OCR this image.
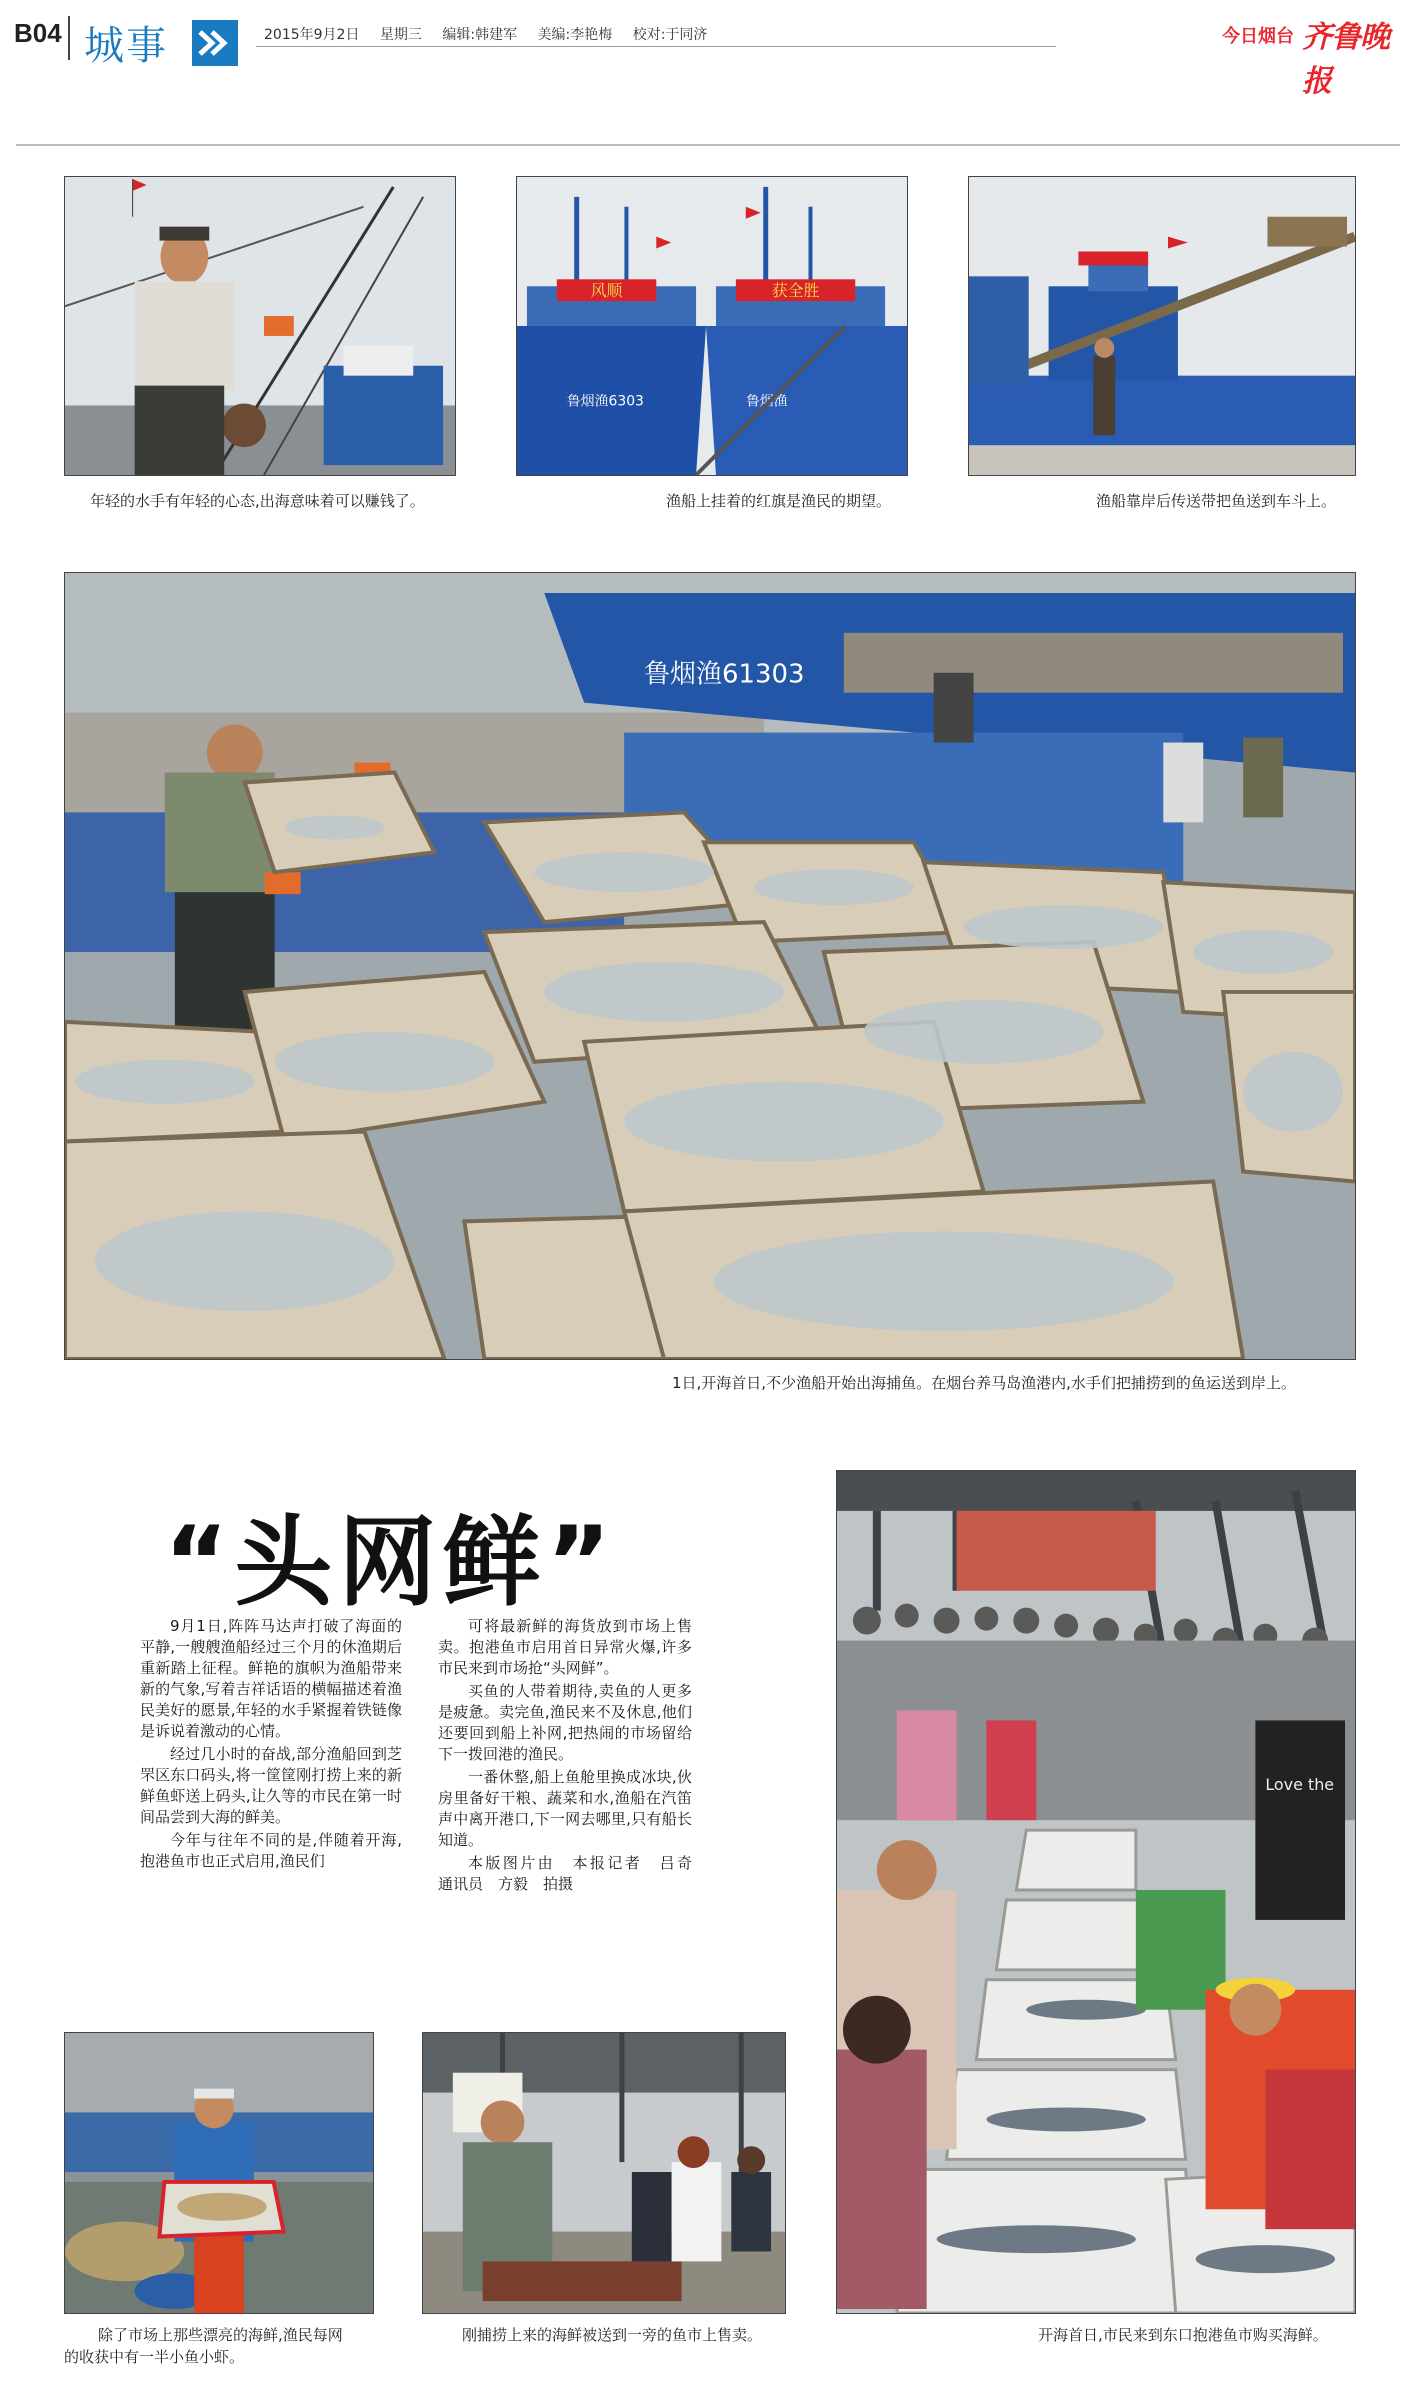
B04 城事	2015年9月2日 星期三 编辑:韩建军 美编:李艳梅 校对:于同济	今日烟台 齐鲁晚报
年轻的水手有年轻的心态,出海意味着可以赚钱了。
风顺	获全胜
鲁烟渔6303	鲁烟渔
渔船上挂着的红旗是渔民的期望。	渔船靠岸后传送带把鱼送到车斗上。
鲁烟渔61303
1日,开海首日,不少渔船开始出海捕鱼。在烟台养马岛渔港内,水手们把捕捞到的鱼运送到岸上。
“头网鲜”

9月1日,阵阵马达声打破了海面的平静,一艘艘渔船经过三个月的休渔期后重新踏上征程。鲜艳的旗帜为渔船带来新的气象,写着吉祥话语的横幅描述着渔民美好的愿景,年轻的水手紧握着铁链像是诉说着激动的心情。

经过几小时的奋战,部分渔船回到芝罘区东口码头,将一筐筐刚打捞上来的新鲜鱼虾送上码头,让久等的市民在第一时间品尝到大海的鲜美。

今年与往年不同的是,伴随着开海,抱港鱼市也正式启用,渔民们

可将最新鲜的海货放到市场上售卖。抱港鱼市启用首日异常火爆,许多市民来到市场抢“头网鲜”。

买鱼的人带着期待,卖鱼的人更多是疲惫。卖完鱼,渔民来不及休息,他们还要回到船上补网,把热闹的市场留给下一拨回港的渔民。

一番休整,船上鱼舱里换成冰块,伙房里备好干粮、蔬菜和水,渔船在汽笛声中离开港口,下一网去哪里,只有船长知道。

本版图片由　本报记者　吕奇　通讯员　方毅　拍摄

Love the
开海首日,市民来到东口抱港鱼市购买海鲜。
除了市场上那些漂亮的海鲜,渔民每网
的收获中有一半小鱼小虾。
刚捕捞上来的海鲜被送到一旁的鱼市上售卖。
